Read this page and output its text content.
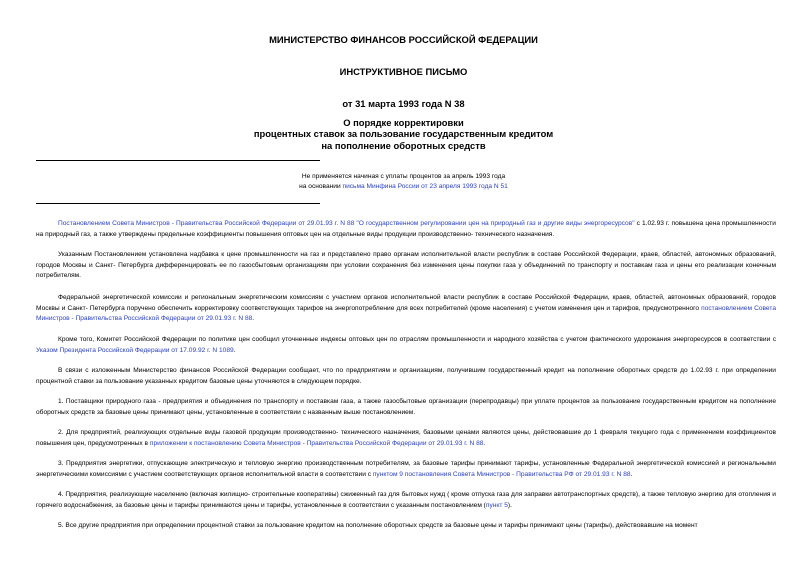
МИНИСТЕРСТВО ФИНАНСОВ РОССИЙСКОЙ ФЕДЕРАЦИИ
ИНСТРУКТИВНОЕ ПИСЬМО
от 31 марта 1993 года N 38
О порядке корректировки
процентных ставок за пользование государственным кредитом
на пополнение оборотных средств
Не применяется начиная с уплаты процентов за апрель 1993 года
на основании письма Минфина России от 23 апреля 1993 года N 51
Постановлением Совета Министров - Правительства Российской Федерации от 29.01.93 г. N 88 "О государственном регулировании цен на природный газ и другие виды энергоресурсов" с 1.02.93 г. повышена цена промышленности на природный газ, а также утверждены предельные коэффициенты повышения оптовых цен на отдельные виды продукции производственно- технического назначения.
Указанным Постановлением установлена надбавка к цене промышленности на газ и представлено право органам исполнительной власти республик в составе Российской Федерации, краев, областей, автономных образований, городов Москвы и Санкт- Петербурга дифференцировать ее по газосбытовым организациям при условии сохранения без изменения цены покупки газа у объединений по транспорту и поставкам газа и цены его реализации конечным потребителям.
Федеральной энергетической комиссии и региональным энергетическим комиссиям с участием органов исполнительной власти республик в составе Российской Федерации, краев, областей, автономных образований, городов Москвы и Санкт- Петербурга поручено обеспечить корректировку соответствующих тарифов на энергопотребление для всех потребителей (кроме населения) с учетом изменения цен и тарифов, предусмотренного постановлением Совета Министров - Правительства Российской Федерации от 29.01.93 г. N 88.
Кроме того, Комитет Российской Федерации по политике цен сообщил уточненные индексы оптовых цен по отраслям промышленности и народного хозяйства с учетом фактического удорожания энергоресурсов в соответствии с Указом Президента Российской Федерации от 17.09.92 г. N 1089.
В связи с изложенным Министерство финансов Российской Федерации сообщает, что по предприятиям и организациям, получившим государственный кредит на пополнение оборотных средств до 1.02.93 г. при определении процентной ставки за пользование указанных кредитом базовые цены уточняются в следующем порядке.
1. Поставщики природного газа - предприятия и объединения по транспорту и поставкам газа, а также газосбытовые организации (перепродавцы) при уплате процентов за пользование государственным кредитом на пополнение оборотных средств за базовые цены принимают цены, установленные в соответствии с названным выше постановлением.
2. Для предприятий, реализующих отдельные виды газовой продукции производственно- технического назначения, базовыми ценами являются цены, действовавшие до 1 февраля текущего года с применением коэффициентов повышения цен, предусмотренных в приложении к постановлению Совета Министров - Правительства Российской Федерации от 29.01.93 г. N 88.
3. Предприятия энергетики, отпускающие электрическую и тепловую энергию производственным потребителям, за базовые тарифы принимают тарифы, установленные Федеральной энергетической комиссией и региональными энергетическими комиссиями с участием соответствующих органов исполнительной власти в соответствии с пунктом 9 постановления Совета Министров - Правительства РФ от 29.01.93 г. N 88.
4. Предприятия, реализующие населению (включая жилищно- строительные кооперативы) сжиженный газ для бытовых нужд ( кроме отпуска газа для заправки автотранспортных средств), а также тепловую энергию для отопления и горячего водоснабжения, за базовые цены и тарифы принимаются цены и тарифы, установленные в соответствии с указанным постановлением (пункт 5).
5. Все другие предприятия при определении процентной ставки за пользование кредитом на пополнение оборотных средств за базовые цены и тарифы принимают цены (тарифы), действовавшие на момент
